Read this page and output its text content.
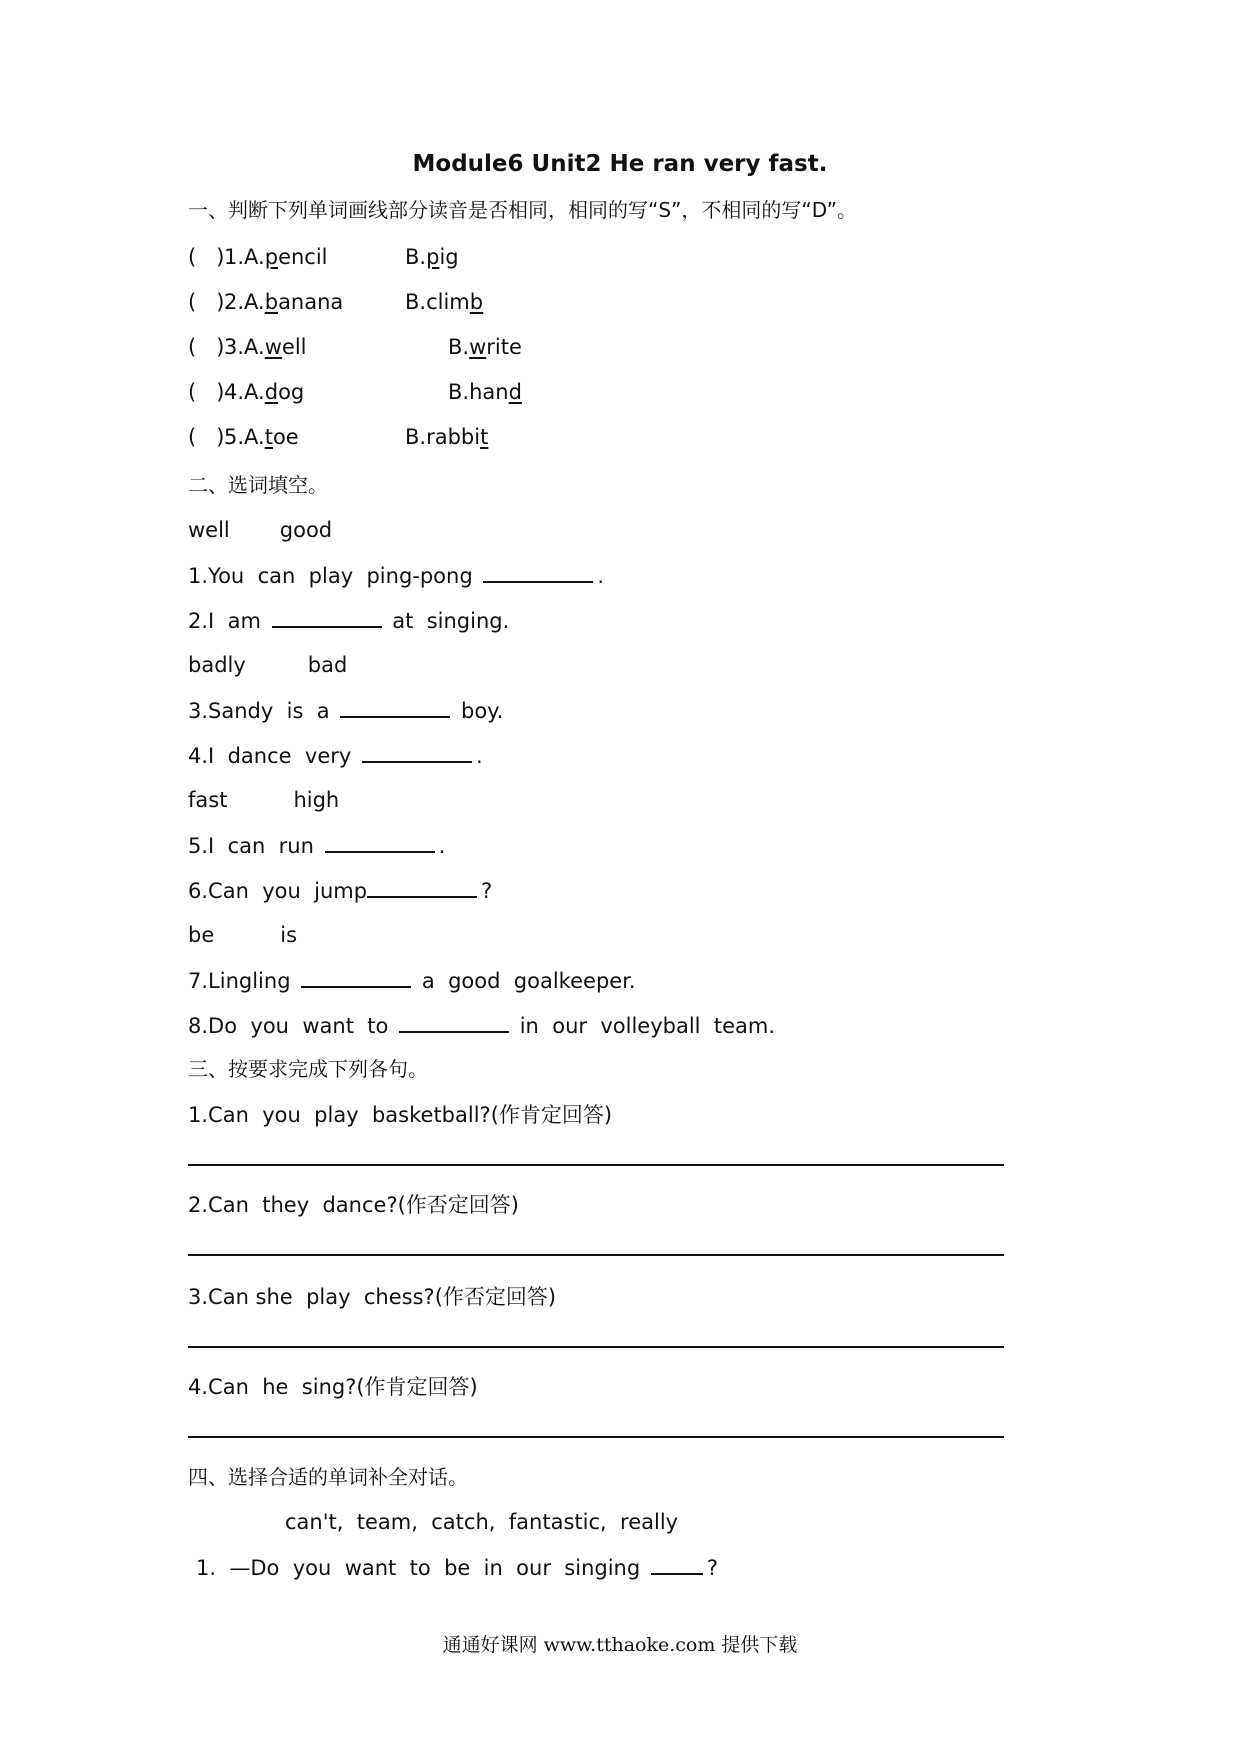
Module6 Unit2 He ran very fast.
一、判断下列单词画线部分读音是否相同，相同的写“S”，不相同的写“D”。
(   )1.A.pencil	B.pig
(   )2.A.banana	B.climb
(   )3.A.well	B.write
(   )4.A.dog	B.hand
(   )5.A.toe	B.rabbit
二、选词填空。
well good
1.You  can  play  ping-pong	.
2.I  am	at  singing.
badly	bad
3.Sandy  is  a	boy.
4.I  dance  very	.
fast	high
5.I  can  run	.
6.Can  you  jump	?
be	is
7.Lingling	a  good  goalkeeper.
8.Do  you  want  to	in  our  volleyball  team.
三、按要求完成下列各句。
1.Can  you  play  basketball?(作肯定回答)
2.Can  they  dance?(作否定回答)
3.Can she  play  chess?(作否定回答)
4.Can  he  sing?(作肯定回答)
四、选择合适的单词补全对话。
can't,  team,  catch,  fantastic,  really
1.  —Do  you  want  to  be  in  our  singing	?
通通好课网 www.tthaoke.com 提供下载
